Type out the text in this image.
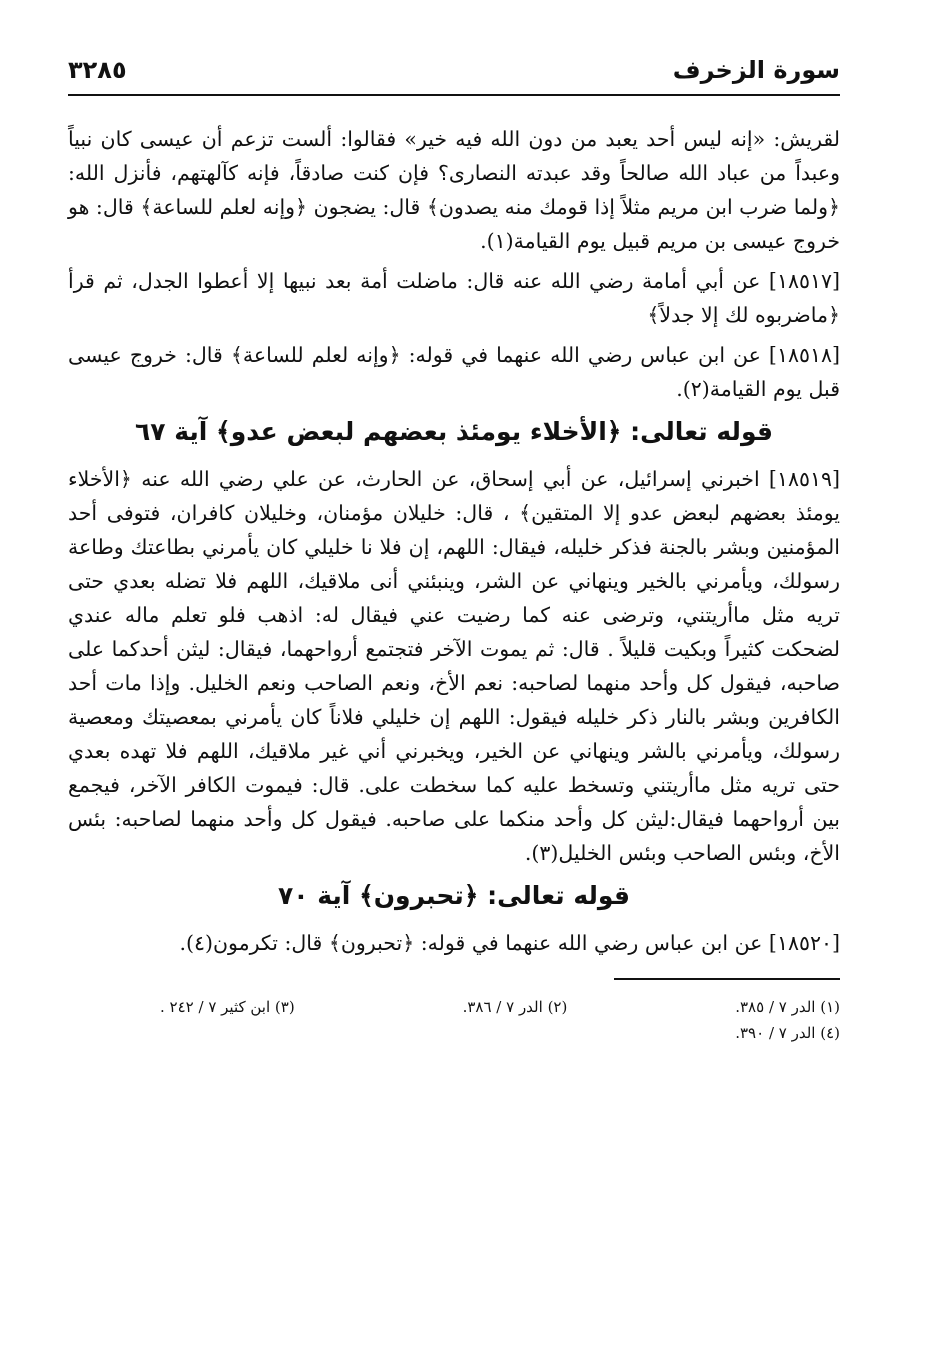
سورة الزخرف
٣٢٨٥

لقريش: «إنه ليس أحد يعبد من دون الله فيه خير» فقالوا: ألست تزعم أن عيسى كان نبياً وعبداً من عباد الله صالحاً وقد عبدته النصارى؟ فإن كنت صادقاً، فإنه كآلهتهم، فأنزل الله: ﴿ولما ضرب ابن مريم مثلاً إذا قومك منه يصدون﴾ قال: يضجون ﴿وإنه لعلم للساعة﴾ قال: هو خروج عيسى بن مريم قبيل يوم القيامة(١).

[١٨٥١٧] عن أبي أمامة رضي الله عنه قال: ماضلت أمة بعد نبيها إلا أعطوا الجدل، ثم قرأ ﴿ماضربوه لك إلا جدلاً﴾

[١٨٥١٨] عن ابن عباس رضي الله عنهما في قوله: ﴿وإنه لعلم للساعة﴾ قال: خروج عيسى قبل يوم القيامة(٢).

قوله تعالى: ﴿الأخلاء يومئذ بعضهم لبعض عدو﴾ آية ٦٧

[١٨٥١٩] اخبرني إسرائيل، عن أبي إسحاق، عن الحارث، عن علي رضي الله عنه ﴿الأخلاء يومئذ بعضهم لبعض عدو إلا المتقين﴾ ، قال: خليلان مؤمنان، وخليلان كافران، فتوفى أحد المؤمنين وبشر بالجنة فذكر خليله، فيقال: اللهم، إن فلا نا خليلي كان يأمرني بطاعتك وطاعة رسولك، ويأمرني بالخير وينهاني عن الشر، وينبئني أنى ملاقيك، اللهم فلا تضله بعدي حتى تريه مثل ماأريتني، وترضى عنه كما رضيت عني فيقال له: اذهب فلو تعلم ماله عندي لضحكت كثيراً وبكيت قليلاً . قال: ثم يموت الآخر فتجتمع أرواحهما، فيقال: ليثن أحدكما على صاحبه، فيقول كل وأحد منهما لصاحبه: نعم الأخ، ونعم الصاحب ونعم الخليل. وإذا مات أحد الكافرين وبشر بالنار ذكر خليله فيقول: اللهم إن خليلي فلاناً كان يأمرني بمعصيتك ومعصية رسولك، ويأمرني بالشر وينهاني عن الخير، ويخبرني أني غير ملاقيك، اللهم فلا تهده بعدي حتى تريه مثل ماأريتني وتسخط عليه كما سخطت على. قال: فيموت الكافر الآخر، فيجمع بين أرواحهما فيقال:ليثن كل وأحد منكما على صاحبه. فيقول كل وأحد منهما لصاحبه: بئس الأخ، وبئس الصاحب وبئس الخليل(٣).

قوله تعالى: ﴿تحبرون﴾ آية ٧٠

[١٨٥٢٠] عن ابن عباس رضي الله عنهما في قوله: ﴿تحبرون﴾ قال: تكرمون(٤).

(١) الدر ٧ / ٣٨٥.
(٢) الدر ٧ / ٣٨٦.
(٣) ابن كثير ٧ / ٢٤٢ .
(٤) الدر ٧ / ٣٩٠.
